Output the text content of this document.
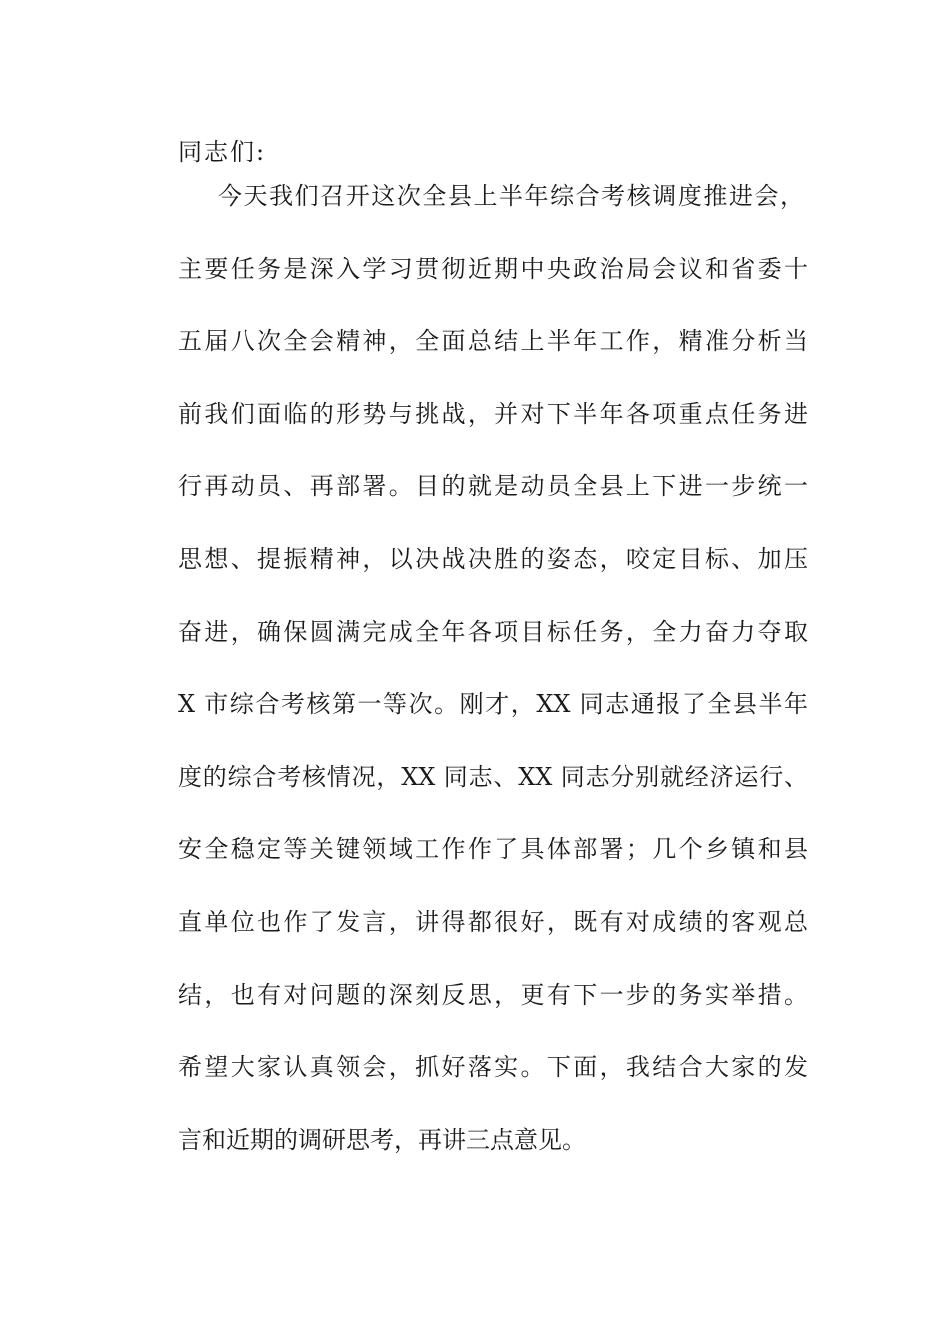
同志们:
今天我们召开这次全县上半年综合考核调度推进会，
主要任务是深入学习贯彻近期中央政治局会议和省委十
五届八次全会精神，全面总结上半年工作，精准分析当
前我们面临的形势与挑战，并对下半年各项重点任务进
行再动员、再部署。目的就是动员全县上下进一步统一
思想、提振精神，以决战决胜的姿态，咬定目标、加压
奋进，确保圆满完成全年各项目标任务，全力奋力夺取
X 市综合考核第一等次。刚才，XX 同志通报了全县半年
度的综合考核情况，XX 同志、XX 同志分别就经济运行、
安全稳定等关键领域工作作了具体部署；几个乡镇和县
直单位也作了发言，讲得都很好，既有对成绩的客观总
结，也有对问题的深刻反思，更有下一步的务实举措。
希望大家认真领会，抓好落实。下面，我结合大家的发
言和近期的调研思考，再讲三点意见。
